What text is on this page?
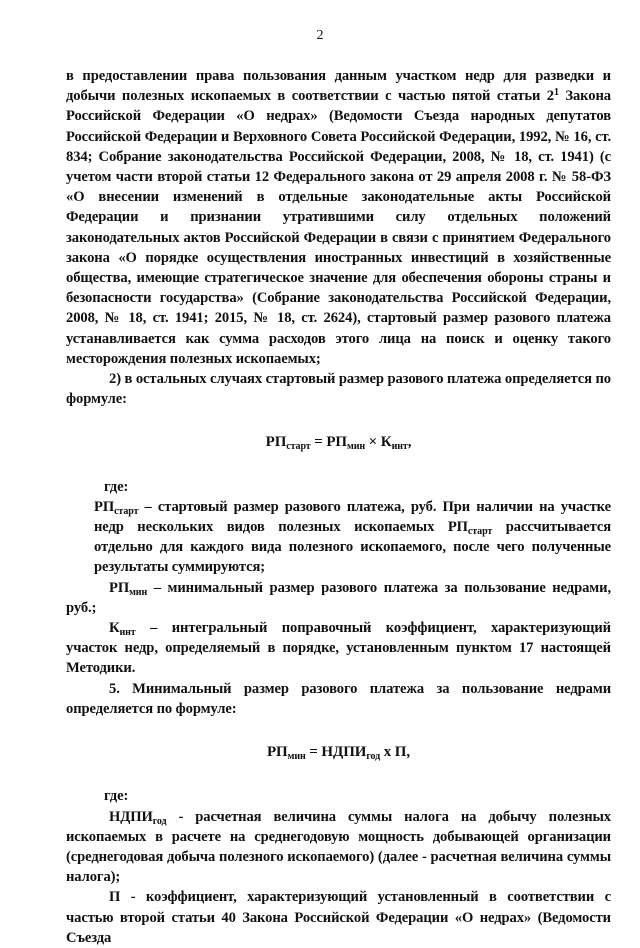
2

в предоставлении права пользования данным участком недр для разведки и добычи полезных ископаемых в соответствии с частью пятой статьи $2^1$ Закона Российской Федерации «О недрах» (Ведомости Съезда народных депутатов Российской Федерации и Верховного Совета Российской Федерации, 1992, № 16, ст. 834; Собрание законодательства Российской Федерации, 2008, № 18, ст. 1941) (с учетом части второй статьи 12 Федерального закона от 29 апреля 2008 г. № 58-ФЗ «О внесении изменений в отдельные законодательные акты Российской Федерации и признании утратившими силу отдельных положений законодательных актов Российской Федерации в связи с принятием Федерального закона «О порядке осуществления иностранных инвестиций в хозяйственные общества, имеющие стратегическое значение для обеспечения обороны страны и безопасности государства» (Собрание законодательства Российской Федерации, 2008, № 18, ст. 1941; 2015, № 18, ст. 2624), стартовый размер разового платежа устанавливается как сумма расходов этого лица на поиск и оценку такого месторождения полезных ископаемых;

2) в остальных случаях стартовый размер разового платежа определяется по формуле:

$РП_{старт} = РП_{мин} \times К_{инт}$,

где:

$РП_{старт}$ – стартовый размер разового платежа, руб. При наличии на участке недр нескольких видов полезных ископаемых $РП_{старт}$ рассчитывается отдельно для каждого вида полезного ископаемого, после чего полученные результаты суммируются;

$РП_{мин}$ – минимальный размер разового платежа за пользование недрами, руб.;

$К_{инт}$ – интегральный поправочный коэффициент, характеризующий участок недр, определяемый в порядке, установленным пунктом 17 настоящей Методики.

5. Минимальный размер разового платежа за пользование недрами определяется по формуле:

$РП_{мин}$ = $НДПИ_{год}$ х П,

где:

$НДПИ_{год}$ - расчетная величина суммы налога на добычу полезных ископаемых в расчете на среднегодовую мощность добывающей организации (среднегодовая добыча полезного ископаемого) (далее - расчетная величина суммы налога);

П - коэффициент, характеризующий установленный в соответствии с частью второй статьи 40 Закона Российской Федерации «О недрах» (Ведомости Съезда
